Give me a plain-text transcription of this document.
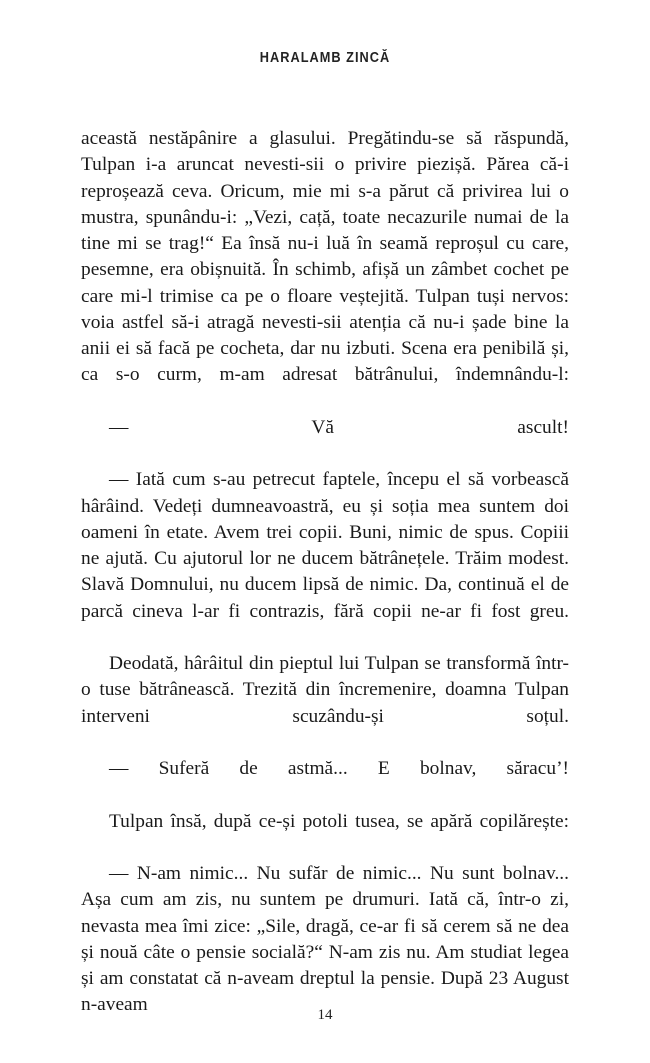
HARALAMB ZINCĂ

această nestăpânire a glasului. Pregătindu-se să răspundă, Tulpan i-a aruncat nevesti-sii o privire piezișă. Părea că-i reproșează ceva. Oricum, mie mi s-a părut că privirea lui o mustra, spunându-i: „Vezi, cață, toate necazurile numai de la tine mi se trag!“ Ea însă nu-i luă în seamă reproșul cu care, pesemne, era obișnuită. În schimb, afișă un zâmbet cochet pe care mi-l trimise ca pe o floare veștejită. Tulpan tuși nervos: voia astfel să-i atragă nevesti-sii atenția că nu-i șade bine la anii ei să facă pe cocheta, dar nu izbuti. Scena era penibilă și, ca s-o curm, m-am adresat bătrânului, îndemnându-l:

— Vă ascult!

— Iată cum s-au petrecut faptele, începu el să vorbească hârâind. Vedeți dumneavoastră, eu și soția mea suntem doi oameni în etate. Avem trei copii. Buni, nimic de spus. Copiii ne ajută. Cu ajutorul lor ne ducem bătrânețele. Trăim modest. Slavă Domnului, nu ducem lipsă de nimic. Da, continuă el de parcă cineva l-ar fi contrazis, fără copii ne-ar fi fost greu.

Deodată, hârâitul din pieptul lui Tulpan se transformă într-o tuse bătrânească. Trezită din încremenire, doamna Tulpan interveni scuzându-și soțul.

— Suferă de astmă... E bolnav, săracu’!

Tulpan însă, după ce-și potoli tusea, se apără copilărește:

— N-am nimic... Nu sufăr de nimic... Nu sunt bolnav... Așa cum am zis, nu suntem pe drumuri. Iată că, într-o zi, nevasta mea îmi zice: „Sile, dragă, ce-ar fi să cerem să ne dea și nouă câte o pensie socială?“ N-am zis nu. Am studiat legea și am constatat că n-aveam dreptul la pensie. După 23 August n-aveam	14
